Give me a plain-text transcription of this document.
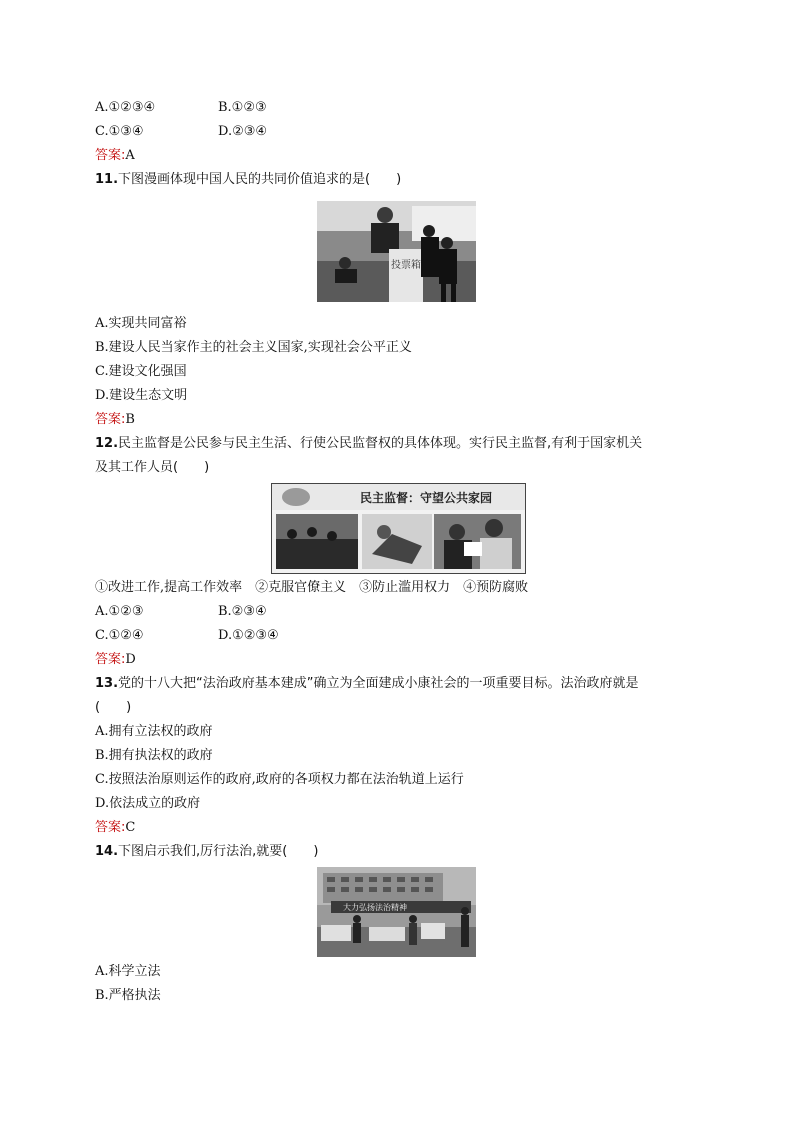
A.①②③④	B.①②③
C.①③④	D.②③④
答案:A
11.下图漫画体现中国人民的共同价值追求的是(　　)
投票箱
A.实现共同富裕
B.建设人民当家作主的社会主义国家,实现社会公平正义
C.建设文化强国
D.建设生态文明
答案:B
12.民主监督是公民参与民主生活、行使公民监督权的具体体现。实行民主监督,有利于国家机关
及其工作人员(　　)
民主监督：守望公共家园
①改进工作,提高工作效率　②克服官僚主义　③防止滥用权力　④预防腐败
A.①②③	B.②③④
C.①②④	D.①②③④
答案:D
13.党的十八大把“法治政府基本建成”确立为全面建成小康社会的一项重要目标。法治政府就是
(　　)
A.拥有立法权的政府
B.拥有执法权的政府
C.按照法治原则运作的政府,政府的各项权力都在法治轨道上运行
D.依法成立的政府
答案:C
14.下图启示我们,厉行法治,就要(　　)
大力弘扬法治精神
A.科学立法
B.严格执法
